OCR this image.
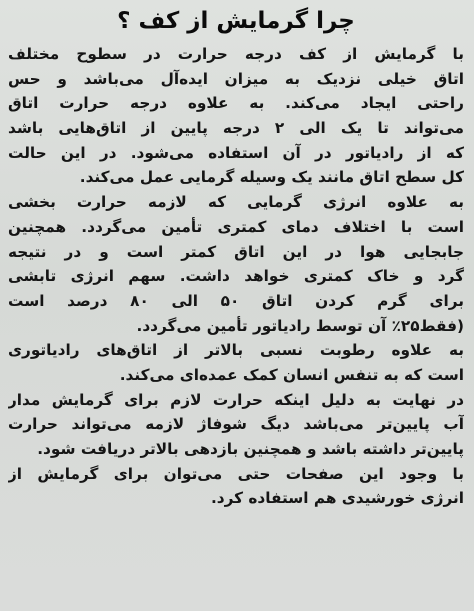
چرا گرمایش از کف ؟
با گرمایش از کف درجه حرارت در سطوح مختلف
اتاق خیلی نزدیک به میزان ایده‌آل می‌باشد و حس
راحتی ایجاد می‌کند. به علاوه درجه حرارت اتاق
می‌تواند تا یک الی ۲ درجه پایین از اتاق‌هایی باشد
که از رادیاتور در آن استفاده می‌شود. در این حالت
کل سطح اتاق مانند یک وسیله گرمایی عمل می‌کند.
به علاوه انرژی گرمایی که لازمه حرارت بخشی
است با اختلاف دمای کمتری تأمین می‌گردد. همچنین
جابجایی هوا در این اتاق کمتر است و در نتیجه
گرد و خاک کمتری خواهد داشت. سهم انرژی تابشی
برای گرم کردن اتاق ۵۰ الی ۸۰ درصد است
(فقط۲۵٪ آن توسط رادیاتور تأمین می‌گردد.
به علاوه رطوبت نسبی بالاتر از اتاق‌های رادیاتوری
است که به تنفس انسان کمک عمده‌ای می‌کند.
در نهایت به دلیل اینکه حرارت لازم برای گرمایش مدار
آب پایین‌تر می‌باشد دیگ شوفاژ لازمه می‌تواند حرارت
پایین‌تر داشته باشد و همچنین بازدهی بالاتر دریافت شود.
با وجود این صفحات حتی می‌توان برای گرمایش از
انرژی خورشیدی هم استفاده کرد.
